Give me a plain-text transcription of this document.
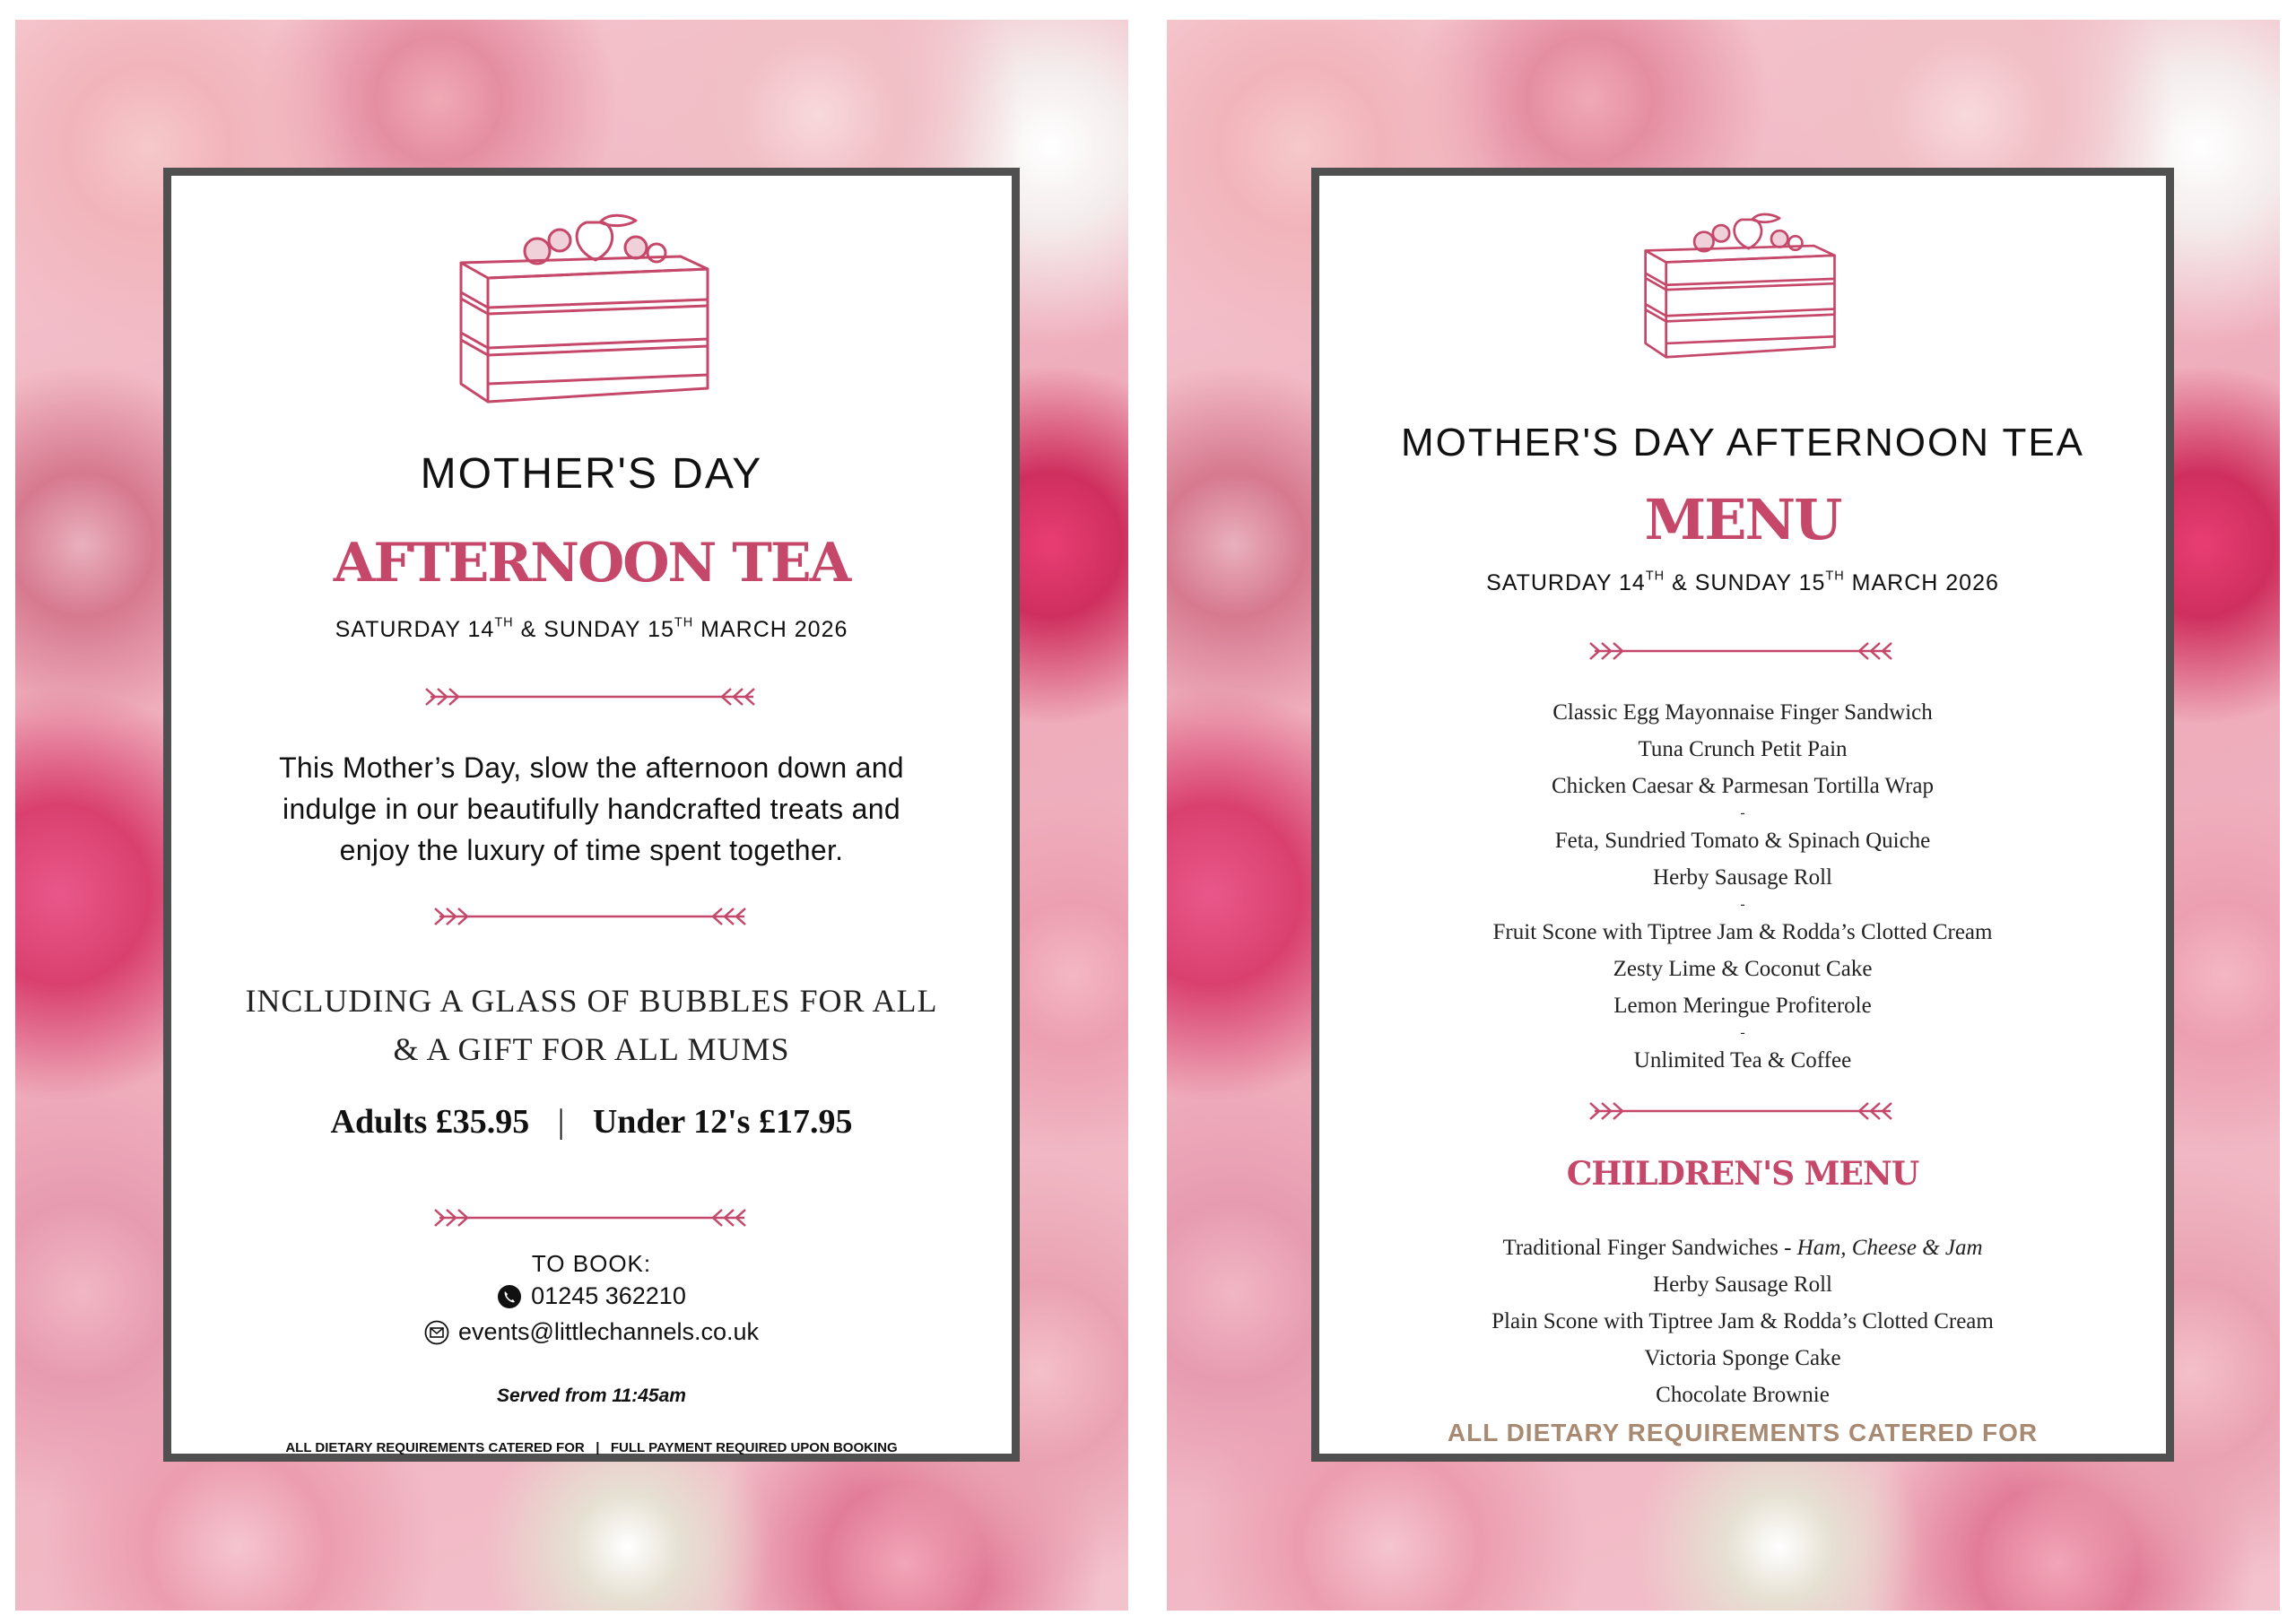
MOTHER'S DAY
AFTERNOON TEA
SATURDAY 14TH & SUNDAY 15TH MARCH 2026
This Mother’s Day, slow the afternoon down and
indulge in our beautifully handcrafted treats and
enjoy the luxury of time spent together.
INCLUDING A GLASS OF BUBBLES FOR ALL
& A GIFT FOR ALL MUMS
Adults £35.95 | Under 12's £17.95
TO BOOK:
01245 362210
events@littlechannels.co.uk
Served from 11:45am
ALL DIETARY REQUIREMENTS CATERED FOR   |   FULL PAYMENT REQUIRED UPON BOOKING
MOTHER'S DAY AFTERNOON TEA
MENU
SATURDAY 14TH & SUNDAY 15TH MARCH 2026
Classic Egg Mayonnaise Finger Sandwich
Tuna Crunch Petit Pain
Chicken Caesar & Parmesan Tortilla Wrap
-
Feta, Sundried Tomato & Spinach Quiche
Herby Sausage Roll
-
Fruit Scone with Tiptree Jam & Rodda’s Clotted Cream
Zesty Lime & Coconut Cake
Lemon Meringue Profiterole
-
Unlimited Tea & Coffee
CHILDREN'S MENU
Traditional Finger Sandwiches - Ham, Cheese & Jam
Herby Sausage Roll
Plain Scone with Tiptree Jam & Rodda’s Clotted Cream
Victoria Sponge Cake
Chocolate Brownie
ALL DIETARY REQUIREMENTS CATERED FOR
